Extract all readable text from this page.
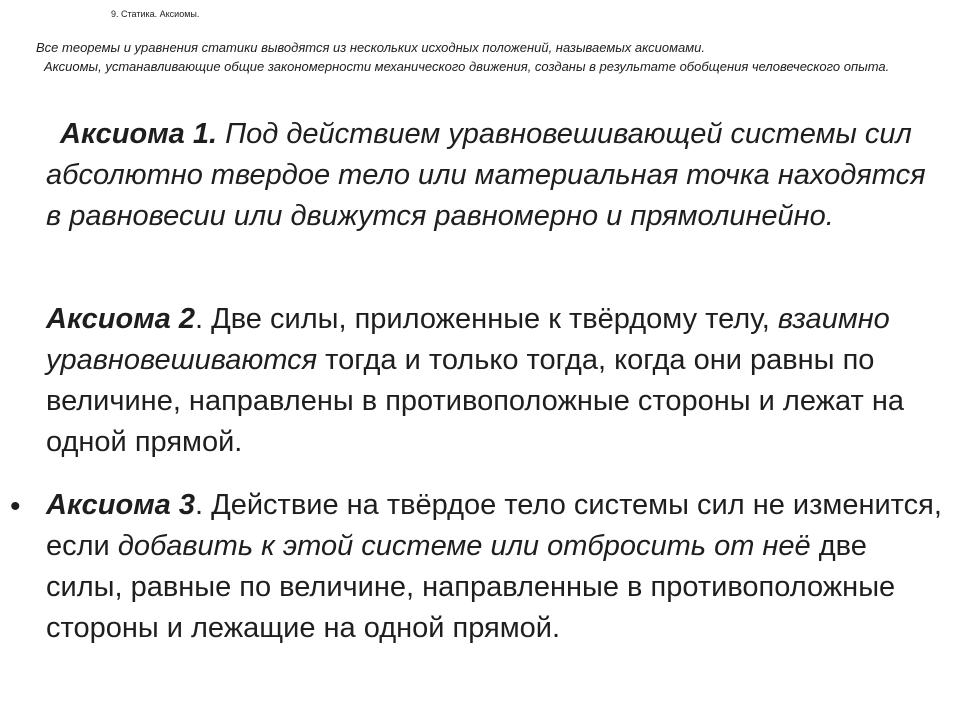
9. Статика. Аксиомы.
Все теоремы и уравнения статики выводятся из нескольких исходных положений, называемых аксиомами.
Аксиомы, устанавливающие общие закономерности механического движения, созданы в результате обобщения человеческого опыта.
Аксиома 1. Под действием уравновешивающей системы сил абсолютно твердое тело или материальная точка находятся в равновесии или движутся равномерно и прямолинейно.
Аксиома 2. Две силы, приложенные к твёрдому телу, взаимно уравновешиваются тогда и только тогда, когда они равны по величине, направлены в противоположные стороны и лежат на одной прямой.
• Аксиома 3. Действие на твёрдое тело системы сил не изменится, если добавить к этой системе или отбросить от неё две силы, равные по величине, направленные в противоположные стороны и лежащие на одной прямой.
